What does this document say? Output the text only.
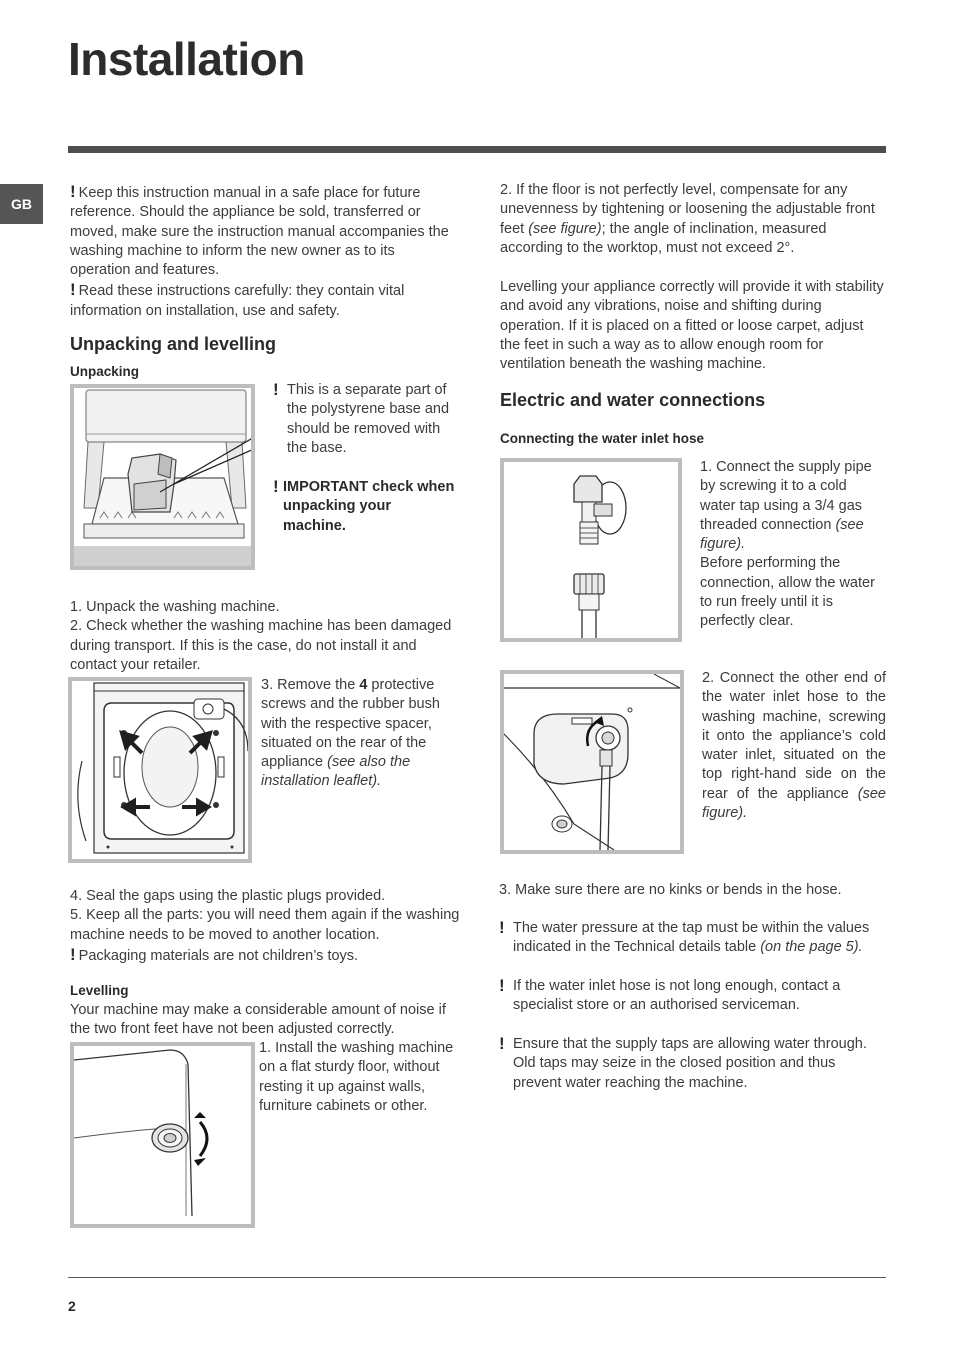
Installation
GB

! Keep this instruction manual in a safe place for future reference. Should the appliance be sold, transferred or moved, make sure the instruction manual accompanies the washing machine to inform the new owner as to its operation and features.

! Read these instructions carefully: they contain vital information on installation, use and safety.

Unpacking and levelling
Unpacking
! This is a separate part of the polystyrene base and should be removed with the base.
! IMPORTANT check when unpacking your machine.

1. Unpack the washing machine.

2. Check whether the washing machine has been damaged during transport. If this is the case, do not install it and contact your retailer.

3. Remove the 4 protective screws and the rubber bush with the respective spacer, situated on the rear of the appliance (see also the installation leaflet).

4. Seal the gaps using the plastic plugs provided.

5. Keep all the parts: you will need them again if the washing machine needs to be moved to another location.

! Packaging materials are not children’s toys.

Levelling
Your machine may make a considerable amount of noise if the two front feet have not been adjusted correctly.
1. Install the washing machine on a flat sturdy floor, without resting it up against walls, furniture cabinets or other.
2. If the floor is not perfectly level, compensate for any unevenness by tightening or loosening the adjustable front feet (see figure); the angle of inclination, measured according to the worktop, must not exceed 2°.
Levelling your appliance correctly will provide it with stability and avoid any vibrations, noise and shifting during operation. If it is placed on a fitted or loose carpet, adjust the feet in such a way as to allow enough room for ventilation beneath the washing machine.
Electric and water connections
Connecting the water inlet hose
1. Connect the supply pipe by screwing it to a cold water tap using a 3/4 gas threaded connection (see figure).

Before performing the connection, allow the water to run freely until it is perfectly clear.

2. Connect the other end of the water inlet hose to the washing machine, screwing it onto the appliance’s cold water inlet, situated on the top right-hand side on the rear of the appliance (see figure).
3. Make sure there are no kinks or bends in the hose.
! The water pressure at the tap must be within the values indicated in the Technical details table (on the page 5).
! If the water inlet hose is not long enough, contact a specialist store or an authorised serviceman.
! Ensure that the supply taps are allowing water through. Old taps may seize in the closed position and thus prevent water reaching the machine.
2
